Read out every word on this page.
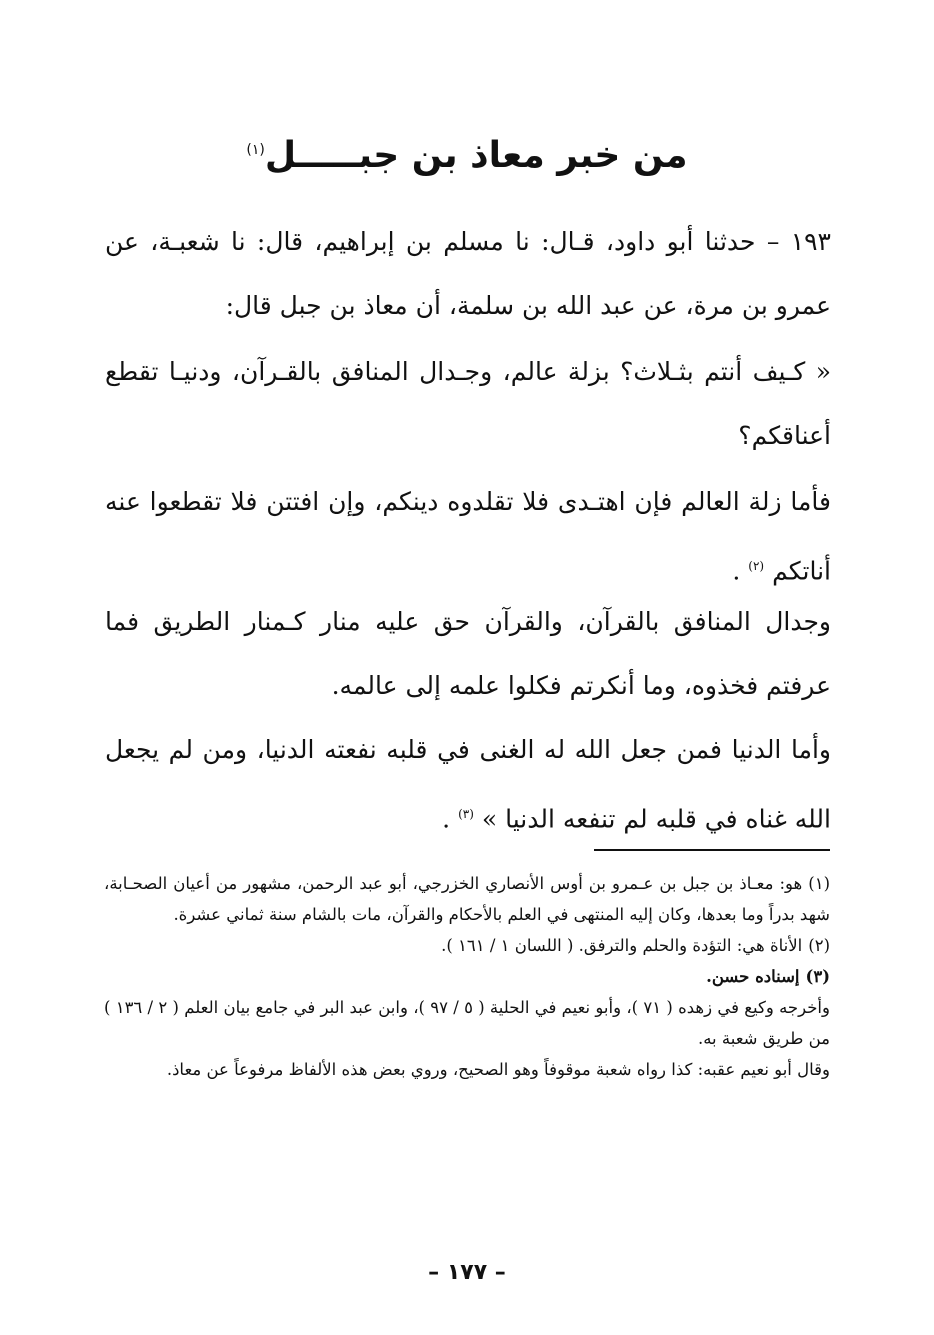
من خبر معاذ بن جبـــــل$^{(١)}$
١٩٣ – حدثنا أبو داود، قـال: نا مسلم بن إبراهيم، قال: نا شعبـة، عن عمرو بن مرة، عن عبد الله بن سلمة، أن معاذ بن جبل قال:
« كـيف أنتم بثـلاث؟ بزلة عالم، وجـدال المنافق بالقـرآن، ودنيـا تقطع أعناقكم؟
فأما زلة العالم فإن اهتـدى فلا تقلدوه دينكم، وإن افتتن فلا تقطعوا عنه أناتكم $^{(٢)}$ .
وجدال المنافق بالقرآن، والقرآن حق عليه منار كـمنار الطريق فما عرفتم فخذوه، وما أنكرتم فكلوا علمه إلى عالمه.
وأما الدنيا فمن جعل الله له الغنى في قلبه نفعته الدنيا، ومن لم يجعل الله غناه في قلبه لم تنفعه الدنيا » $^{(٣)}$ .
(١)هو: معـاذ بن جبل بن عـمرو بن أوس الأنصاري الخزرجي، أبو عبد الرحمن، مشهور من أعيان الصحـابة، شهد بدراً وما بعدها، وكان إليه المنتهى في العلم بالأحكام والقرآن، مات بالشام سنة ثماني عشرة.
(٢)الأناة هي: التؤدة والحلم والترفق. ( اللسان ١ / ١٦١ ).
(٣)إسناده حسن.
وأخرجه وكيع في زهده ( ٧١ )، وأبو نعيم في الحلية ( ٥ / ٩٧ )، وابن عبد البر في جامع بيان العلم ( ٢ / ١٣٦ ) من طريق شعبة به.
وقال أبو نعيم عقبه: كذا رواه شعبة موقوفاً وهو الصحيح، وروي بعض هذه الألفاظ مرفوعاً عن معاذ.
– ١٧٧ –
